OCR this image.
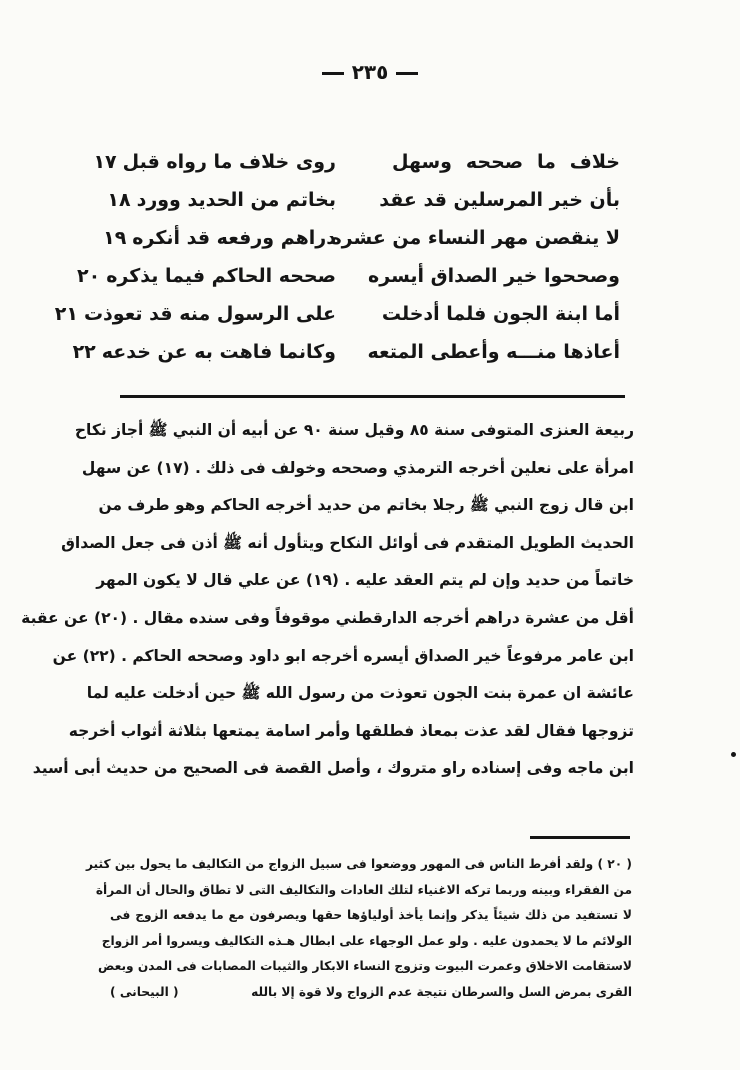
٢٣٥
خلاف ما صححه وسهل
روى خلاف ما رواه قبل١٧
بأن خير المرسلين قد عقد
بخاتم من الحديد وورد١٨
لا ينقصن مهر النساء من عشره
دراهم ورفعه قد أنكره١٩
وصححوا خير الصداق أيسره
صححه الحاكم فيما يذكره٢٠
أما ابنة الجون فلما أدخلت
على الرسول منه قد تعوذت٢١
أعاذها منـــه وأعطى المتعه
وكانما فاهت به عن خدعه٢٢
ربيعة العنزى المتوفى سنة ٨٥ وقيل سنة ٩٠ عن أبيه أن النبي ﷺ أجاز نكاح
امرأة على نعلين أخرجه الترمذي وصححه وخولف فى ذلك . (١٧) عن سهل
ابن قال زوج النبي ﷺ رجلا بخاتم من حديد أخرجه الحاكم وهو طرف من
الحديث الطويل المتقدم فى أوائل النكاح ويتأول أنه ﷺ أذن فى جعل الصداق
خاتماً من حديد وإن لم يتم العقد عليه . (١٩) عن علي قال لا يكون المهر
أقل من عشرة دراهم أخرجه الدارقطني موقوفاً وفى سنده مقال . (٢٠) عن عقبة
ابن عامر مرفوعاً خير الصداق أيسره أخرجه ابو داود وصححه الحاكم . (٢٢) عن
عائشة ان عمرة بنت الجون تعوذت من رسول الله ﷺ حين أدخلت عليه لما
تزوجها فقال لقد عذت بمعاذ فطلقها وأمر اسامة يمتعها بثلاثة أثواب أخرجه
ابن ماجه وفى إسناده راو متروك ، وأصل القصة فى الصحيح من حديث أبى أسيد
( ٢٠ ) ولقد أفرط الناس فى المهور ووضعوا فى سبيل الزواج من التكاليف ما يحول بين كثير
من الفقراء وبينه وربما تركه الاغنياء لتلك العادات والتكاليف التى لا تطاق والحال أن المرأة
لا تستفيد من ذلك شيئاً يذكر وإنما يأخذ أولياؤها حقها ويصرفون مع ما يدفعه الزوج فى
الولائم ما لا يحمدون عليه . ولو عمل الوجهاء على ابطال هـذه التكاليف ويسروا أمر الزواج
لاستقامت الاخلاق وعمرت البيوت وتزوج النساء الابكار والثيبات المصابات فى المدن وبعض
القرى بمرض السل والسرطان نتيجة عدم الزواج ولا قوة إلا بالله
( البيحانى )
